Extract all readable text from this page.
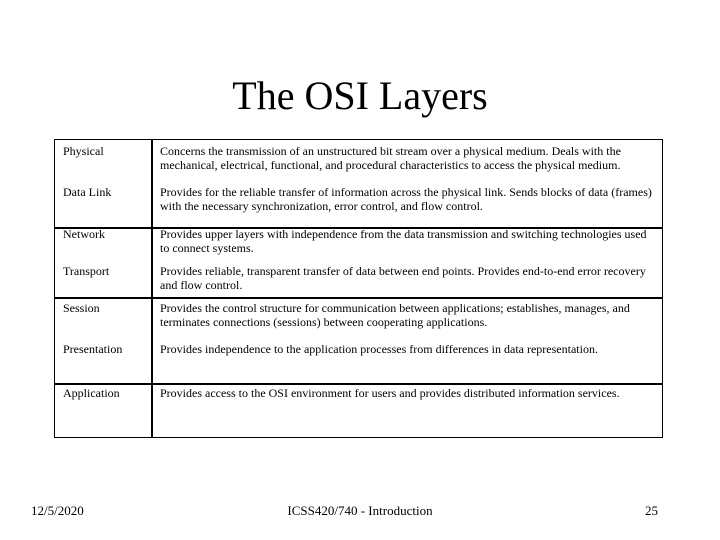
The OSI Layers
Physical	Concerns the transmission of an unstructured bit stream over a physical medium. Deals with the mechanical, electrical, functional, and procedural characteristics to access the physical medium.
Data Link	Provides for the reliable transfer of information across the physical link. Sends blocks of data (frames) with the necessary synchronization, error control, and flow control.
Network	Provides upper layers with independence from the data transmission and switching technologies used to connect systems.
Transport	Provides reliable, transparent transfer of data between end points. Provides end-to-end error recovery and flow control.
Session	Provides the control structure for communication between applications; establishes, manages, and terminates connections (sessions) between cooperating applications.
Presentation	Provides independence to the application processes from differences in data representation.
Application	Provides access to the OSI environment for users and provides distributed information services.
12/5/2020	ICSS420/740 - Introduction	25
